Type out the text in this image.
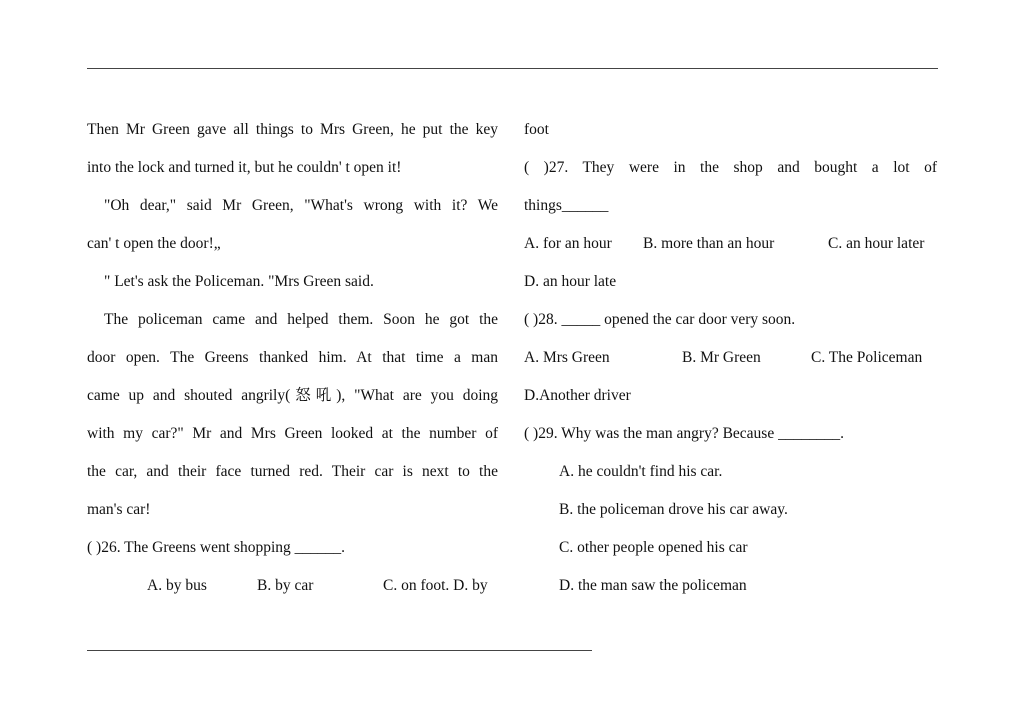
Then Mr Green gave all things to Mrs Green, he put the key
into the lock and turned it, but he couldn' t open it!
"Oh dear," said Mr Green, "What's wrong with it? We
can' t open the door!„
" Let's ask the Policeman. "Mrs Green said.
The policeman came and helped them. Soon he got the
door open. The Greens thanked him. At that time a man
came up and shouted angrily(怒吼), "What are you doing
with my car?" Mr and Mrs Green looked at the number of
the car, and their face turned red. Their car is next to the
man's car!
( )26. The Greens went shopping ______.
A. by bus	B. by car	C. on foot. D. by
foot
( )27. They were in the shop and bought a lot of
things______
A. for an hour B. more than an hour	C. an hour later
D. an hour late
( )28. _____ opened the car door very soon.
A. Mrs Green	B. Mr Green	C. The Policeman
D.Another driver
( )29. Why was the man angry? Because ________.
A. he couldn't find his car.
B. the policeman drove his car away.
C. other people opened his car
D. the man saw the policeman
